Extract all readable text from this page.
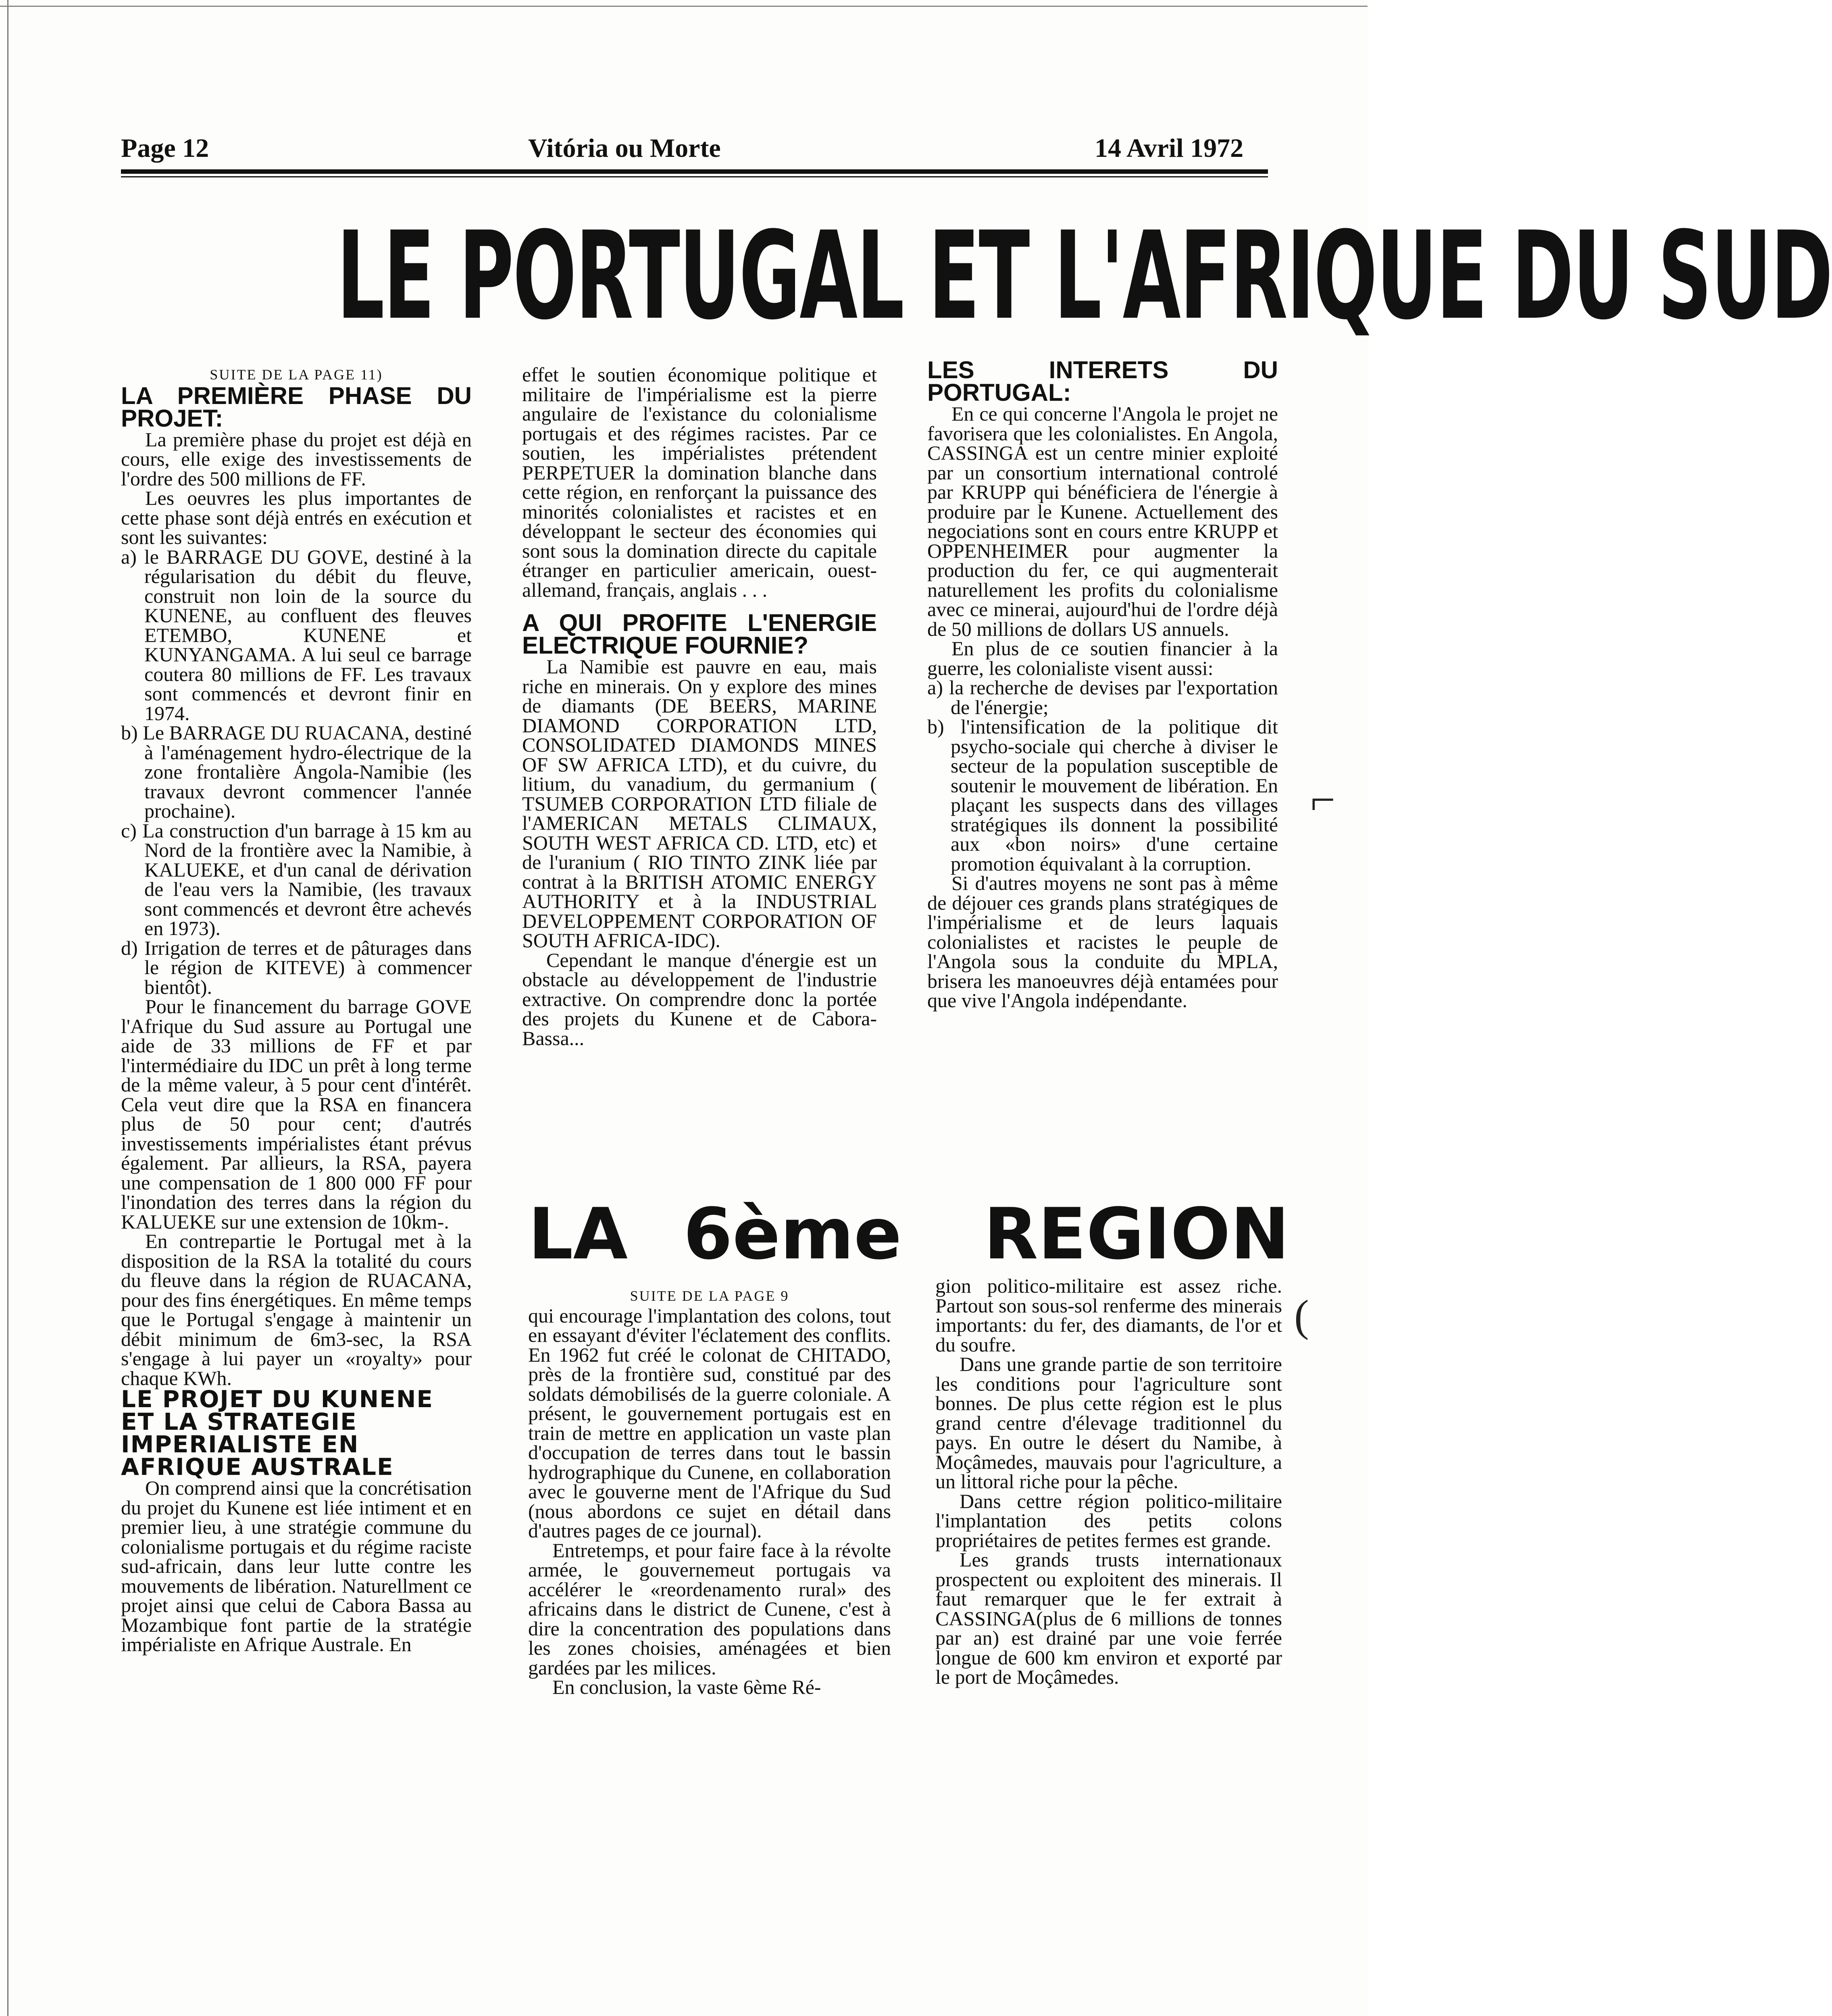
Page 12	Vitória ou Morte	14 Avril 1972
LE PORTUGAL ET L'AFRIQUE DU SUD

SUITE DE LA PAGE 11)

LA PREMIÈRE PHASE DU PROJET:

La première phase du projet est déjà en cours, elle exige des investissements de l'ordre des 500 millions de FF.

Les oeuvres les plus importantes de cette phase sont déjà entrés en exécution et sont les suivantes:

a) le BARRAGE DU GOVE, destiné à la régularisation du débit du fleuve, construit non loin de la source du KUNENE, au confluent des fleuves ETEMBO, KUNENE et KUNYANGAMA. A lui seul ce barrage coutera 80 millions de FF. Les travaux sont commencés et devront finir en 1974.

b) Le BARRAGE DU RUACANA, destiné à l'aménagement hydro-électrique de la zone frontalière Angola-Namibie (les travaux devront commencer l'année prochaine).

c) La construction d'un barrage à 15 km au Nord de la frontière avec la Namibie, à KALUEKE, et d'un canal de dérivation de l'eau vers la Namibie, (les travaux sont commencés et devront être achevés en 1973).

d) Irrigation de terres et de pâturages dans le région de KITEVE) à commencer bientôt).

Pour le financement du barrage GOVE l'Afrique du Sud assure au Portugal une aide de 33 millions de FF et par l'intermédiaire du IDC un prêt à long terme de la même valeur, à 5 pour cent d'intérêt. Cela veut dire que la RSA en financera plus de 50 pour cent; d'autrés investissements impérialistes étant prévus également. Par allieurs, la RSA, payera une compensation de 1 800 000 FF pour l'inondation des terres dans la région du KALUEKE sur une extension de 10km-.

En contrepartie le Portugal met à la disposition de la RSA la totalité du cours du fleuve dans la région de RUACANA, pour des fins énergétiques. En même temps que le Portugal s'engage à maintenir un débit minimum de 6m3-sec, la RSA s'engage à lui payer un «royalty» pour chaque KWh.

LE PROJET DU KUNENE ET LA STRATEGIE IMPERIALISTE EN AFRIQUE AUSTRALE

On comprend ainsi que la concrétisation du projet du Kunene est liée intiment et en premier lieu, à une stratégie commune du colonialisme portugais et du régime raciste sud-africain, dans leur lutte contre les mouvements de libération. Naturellment ce projet ainsi que celui de Cabora Bassa au Mozambique font partie de la stratégie impérialiste en Afrique Australe. En

effet le soutien économique politique et militaire de l'impérialisme est la pierre angulaire de l'existance du colonialisme portugais et des régimes racistes. Par ce soutien, les impérialistes prétendent PERPETUER la domination blanche dans cette région, en renforçant la puissance des minorités colonialistes et racistes et en développant le secteur des économies qui sont sous la domination directe du capitale étranger en particulier americain, ouest-allemand, français, anglais . . .

A QUI PROFITE L'ENERGIE ELECTRIQUE FOURNIE?

La Namibie est pauvre en eau, mais riche en minerais. On y explore des mines de diamants (DE BEERS, MARINE DIAMOND CORPORATION LTD, CONSOLIDATED DIAMONDS MINES OF SW AFRICA LTD), et du cuivre, du litium, du vanadium, du germanium ( TSUMEB CORPORATION LTD filiale de l'AMERICAN METALS CLIMAUX, SOUTH WEST AFRICA CD. LTD, etc) et de l'uranium ( RIO TINTO ZINK liée par contrat à la BRITISH ATOMIC ENERGY AUTHORITY et à la INDUSTRIAL DEVELOPPEMENT CORPORATION OF SOUTH AFRICA-IDC).

Cependant le manque d'énergie est un obstacle au développement de l'industrie extractive. On comprendre donc la portée des projets du Kunene et de Cabora-Bassa...

LES INTERETS DU PORTUGAL:

En ce qui concerne l'Angola le projet ne favorisera que les colonialistes. En Angola, CASSINGA est un centre minier exploité par un consortium international controlé par KRUPP qui bénéficiera de l'énergie à produire par le Kunene. Actuellement des negociations sont en cours entre KRUPP et OPPENHEIMER pour augmenter la production du fer, ce qui augmenterait naturellement les profits du colonialisme avec ce minerai, aujourd'hui de l'ordre déjà de 50 millions de dollars US annuels.

En plus de ce soutien financier à la guerre, les colonialiste visent aussi:

a) la recherche de devises par l'exportation de l'énergie;

b) l'intensification de la politique dit psycho-sociale qui cherche à diviser le secteur de la population susceptible de soutenir le mouvement de libération. En plaçant les suspects dans des villages stratégiques ils donnent la possibilité aux «bon noirs» d'une certaine promotion équivalant à la corruption.

Si d'autres moyens ne sont pas à même de déjouer ces grands plans stratégiques de l'impérialisme et de leurs laquais colonialistes et racistes le peuple de l'Angola sous la conduite du MPLA, brisera les manoeuvres déjà entamées pour que vive l'Angola indépendante.

LA 6ème REGION

SUITE DE LA PAGE 9

qui encourage l'implantation des colons, tout en essayant d'éviter l'éclatement des conflits. En 1962 fut créé le colonat de CHITADO, près de la frontière sud, constitué par des soldats démobilisés de la guerre coloniale. A présent, le gouvernement portugais est en train de mettre en application un vaste plan d'occupation de terres dans tout le bassin hydrographique du Cunene, en collaboration avec le gouverne ment de l'Afrique du Sud (nous abordons ce sujet en détail dans d'autres pages de ce journal).

Entretemps, et pour faire face à la révolte armée, le gouvernemeut portugais va accélérer le «reordenamento rural» des africains dans le district de Cunene, c'est à dire la concentration des populations dans les zones choisies, aménagées et bien gardées par les milices.

En conclusion, la vaste 6ème Ré-

gion politico-militaire est assez riche. Partout son sous-sol renferme des minerais importants: du fer, des diamants, de l'or et du soufre.

Dans une grande partie de son territoire les conditions pour l'agriculture sont bonnes. De plus cette région est le plus grand centre d'élevage traditionnel du pays. En outre le désert du Namibe, à Moçâmedes, mauvais pour l'agriculture, a un littoral riche pour la pêche.

Dans cettre région politico-militaire l'implantation des petits colons propriétaires de petites fermes est grande.

Les grands trusts internationaux prospectent ou exploitent des minerais. Il faut remarquer que le fer extrait à CASSINGA(plus de 6 millions de tonnes par an) est drainé par une voie ferrée longue de 600 km environ et exporté par le port de Moçâmedes.

⌐
(
